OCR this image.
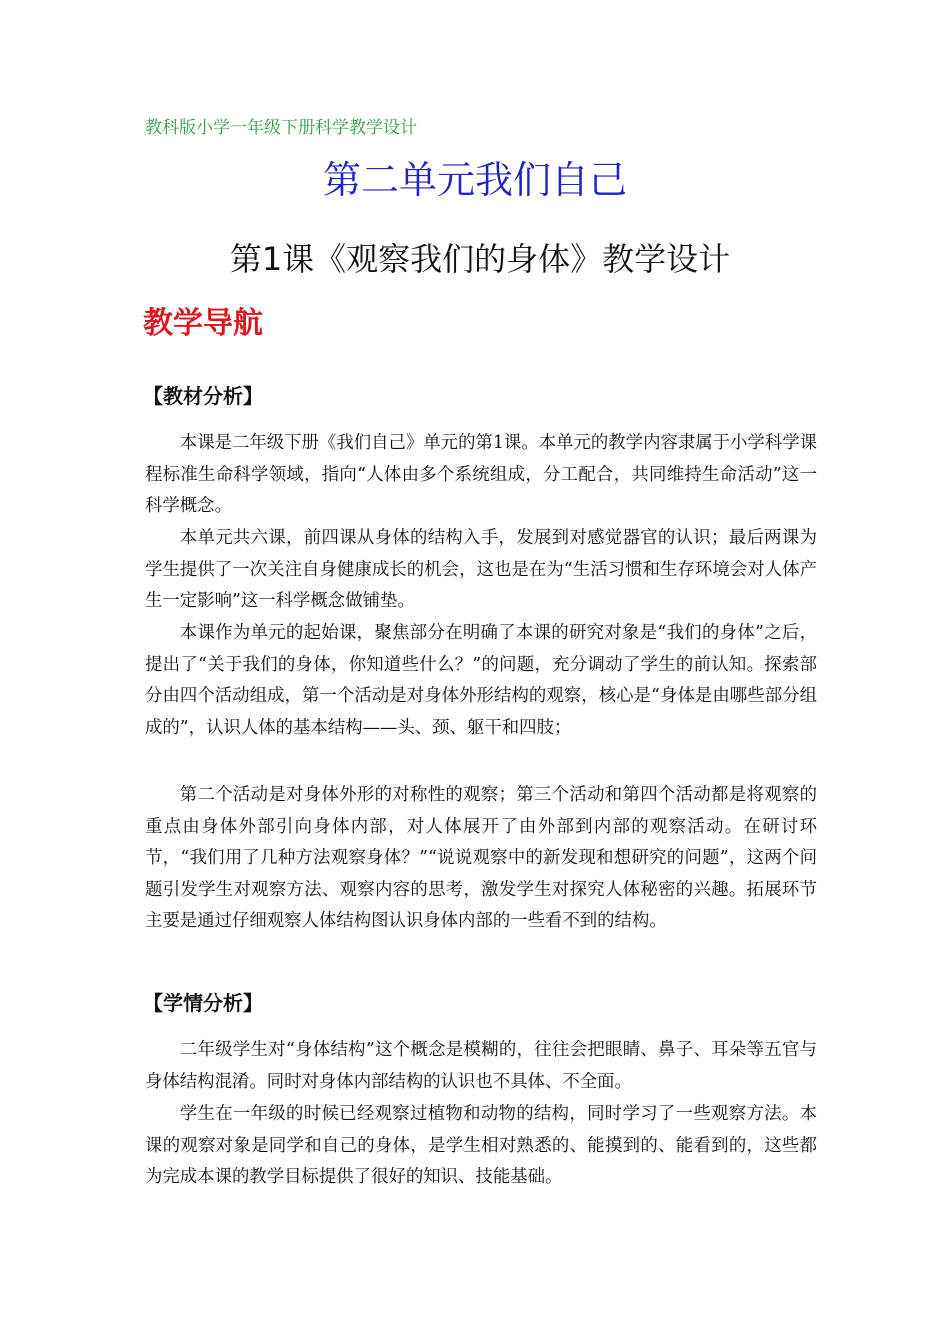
教科版小学一年级下册科学教学设计
第二单元我们自己
第1课《观察我们的身体》教学设计
教学导航
【教材分析】

本课是二年级下册《我们自己》单元的第1课。本单元的教学内容隶属于小学科学课程标准生命科学领域，指向“人体由多个系统组成，分工配合，共同维持生命活动”这一科学概念。

本单元共六课，前四课从身体的结构入手，发展到对感觉器官的认识；最后两课为学生提供了一次关注自身健康成长的机会，这也是在为“生活习惯和生存环境会对人体产生一定影响”这一科学概念做铺垫。

本课作为单元的起始课，聚焦部分在明确了本课的研究对象是“我们的身体”之后，提出了“关于我们的身体，你知道些什么？”的问题，充分调动了学生的前认知。探索部分由四个活动组成，第一个活动是对身体外形结构的观察，核心是“身体是由哪些部分组成的”，认识人体的基本结构——头、颈、躯干和四肢；

第二个活动是对身体外形的对称性的观察；第三个活动和第四个活动都是将观察的重点由身体外部引向身体内部，对人体展开了由外部到内部的观察活动。在研讨环节，“我们用了几种方法观察身体？”“说说观察中的新发现和想研究的问题”，这两个问题引发学生对观察方法、观察内容的思考，激发学生对探究人体秘密的兴趣。拓展环节主要是通过仔细观察人体结构图认识身体内部的一些看不到的结构。

【学情分析】

二年级学生对“身体结构”这个概念是模糊的，往往会把眼睛、鼻子、耳朵等五官与身体结构混淆。同时对身体内部结构的认识也不具体、不全面。

学生在一年级的时候已经观察过植物和动物的结构，同时学习了一些观察方法。本课的观察对象是同学和自己的身体，是学生相对熟悉的、能摸到的、能看到的，这些都为完成本课的教学目标提供了很好的知识、技能基础。
